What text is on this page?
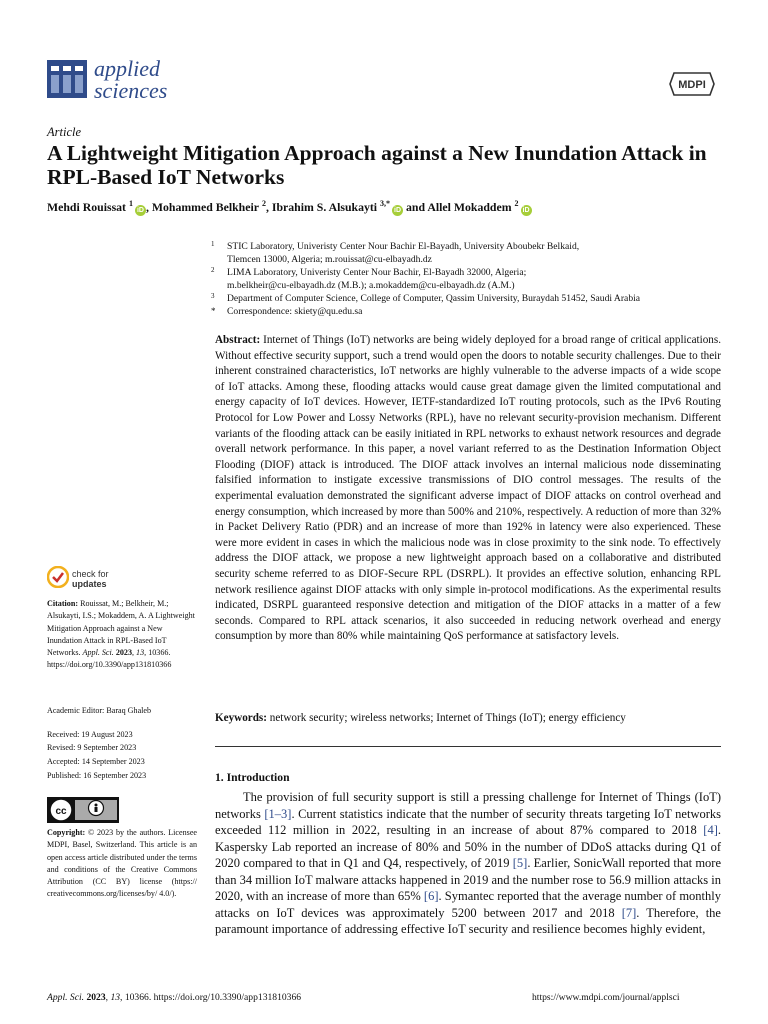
applied
sciences	MDPI
Article
A Lightweight Mitigation Approach against a New Inundation Attack in RPL-Based IoT Networks
Mehdi Rouissat $^1$iD , Mohammed Belkheir $^2$, Ibrahim S. Alsukayti $^{3,*}$iD and Allel Mokaddem $^2$iD
1	STIC Laboratory, Univeristy Center Nour Bachir El-Bayadh, University Aboubekr Belkaid,
Tlemcen 13000, Algeria; m.rouissat@cu-elbayadh.dz
2	LIMA Laboratory, Univeristy Center Nour Bachir, El-Bayadh 32000, Algeria;
m.belkheir@cu-elbayadh.dz (M.B.); a.mokaddem@cu-elbayadh.dz (A.M.)
3	Department of Computer Science, College of Computer, Qassim University, Buraydah 51452, Saudi Arabia
*	Correspondence: skiety@qu.edu.sa
Abstract: Internet of Things (IoT) networks are being widely deployed for a broad range of critical applications. Without effective security support, such a trend would open the doors to notable security challenges. Due to their inherent constrained characteristics, IoT networks are highly vulnerable to the adverse impacts of a wide scope of IoT attacks. Among these, flooding attacks would cause great damage given the limited computational and energy capacity of IoT devices. However, IETF-standardized IoT routing protocols, such as the IPv6 Routing Protocol for Low Power and Lossy Networks (RPL), have no relevant security-provision mechanism. Different variants of the flooding attack can be easily initiated in RPL networks to exhaust network resources and degrade overall network performance. In this paper, a novel variant referred to as the Destination Information Object Flooding (DIOF) attack is introduced. The DIOF attack involves an internal malicious node disseminating falsified information to instigate excessive transmissions of DIO control messages. The results of the experimental evaluation demonstrated the significant adverse impact of DIOF attacks on control overhead and energy consumption, which increased by more than 500% and 210%, respectively. A reduction of more than 32% in Packet Delivery Ratio (PDR) and an increase of more than 192% in latency were also experienced. These were more evident in cases in which the malicious node was in close proximity to the sink node. To effectively address the DIOF attack, we propose a new lightweight approach based on a collaborative and distributed security scheme referred to as DIOF-Secure RPL (DSRPL). It provides an effective solution, enhancing RPL network resilience against DIOF attacks with only simple in-protocol modifications. As the experimental results indicated, DSRPL guaranteed responsive detection and mitigation of the DIOF attacks in a matter of a few seconds. Compared to RPL attack scenarios, it also succeeded in reducing network overhead and energy consumption by more than 80% while maintaining QoS performance at satisfactory levels.
Keywords: network security; wireless networks; Internet of Things (IoT); energy efficiency
1. Introduction
The provision of full security support is still a pressing challenge for Internet of Things (IoT) networks [1–3]. Current statistics indicate that the number of security threats targeting IoT networks exceeded 112 million in 2022, resulting in an increase of about 87% compared to 2018 [4]. Kaspersky Lab reported an increase of 80% and 50% in the number of DDoS attacks during Q1 of 2020 compared to that in Q1 and Q4, respectively, of 2019 [5]. Earlier, SonicWall reported that more than 34 million IoT malware attacks happened in 2019 and the number rose to 56.9 million attacks in 2020, with an increase of more than 65% [6]. Symantec reported that the average number of monthly attacks on IoT devices was approximately 5200 between 2017 and 2018 [7]. Therefore, the paramount importance of addressing effective IoT security and resilience becomes highly evident,
check for
updates
Citation: Rouissat, M.; Belkheir, M.; Alsukayti, I.S.; Mokaddem, A. A Lightweight Mitigation Approach against a New Inundation Attack in RPL-Based IoT Networks. Appl. Sci. 2023, 13, 10366. https://doi.org/10.3390/app131810366
Academic Editor: Baraq Ghaleb
Received: 19 August 2023
Revised: 9 September 2023
Accepted: 14 September 2023
Published: 16 September 2023
cc
Copyright: © 2023 by the authors. Licensee MDPI, Basel, Switzerland. This article is an open access article distributed under the terms and conditions of the Creative Commons Attribution (CC BY) license (https:// creativecommons.org/licenses/by/ 4.0/).
Appl. Sci. 2023, 13, 10366. https://doi.org/10.3390/app131810366	https://www.mdpi.com/journal/applsci
